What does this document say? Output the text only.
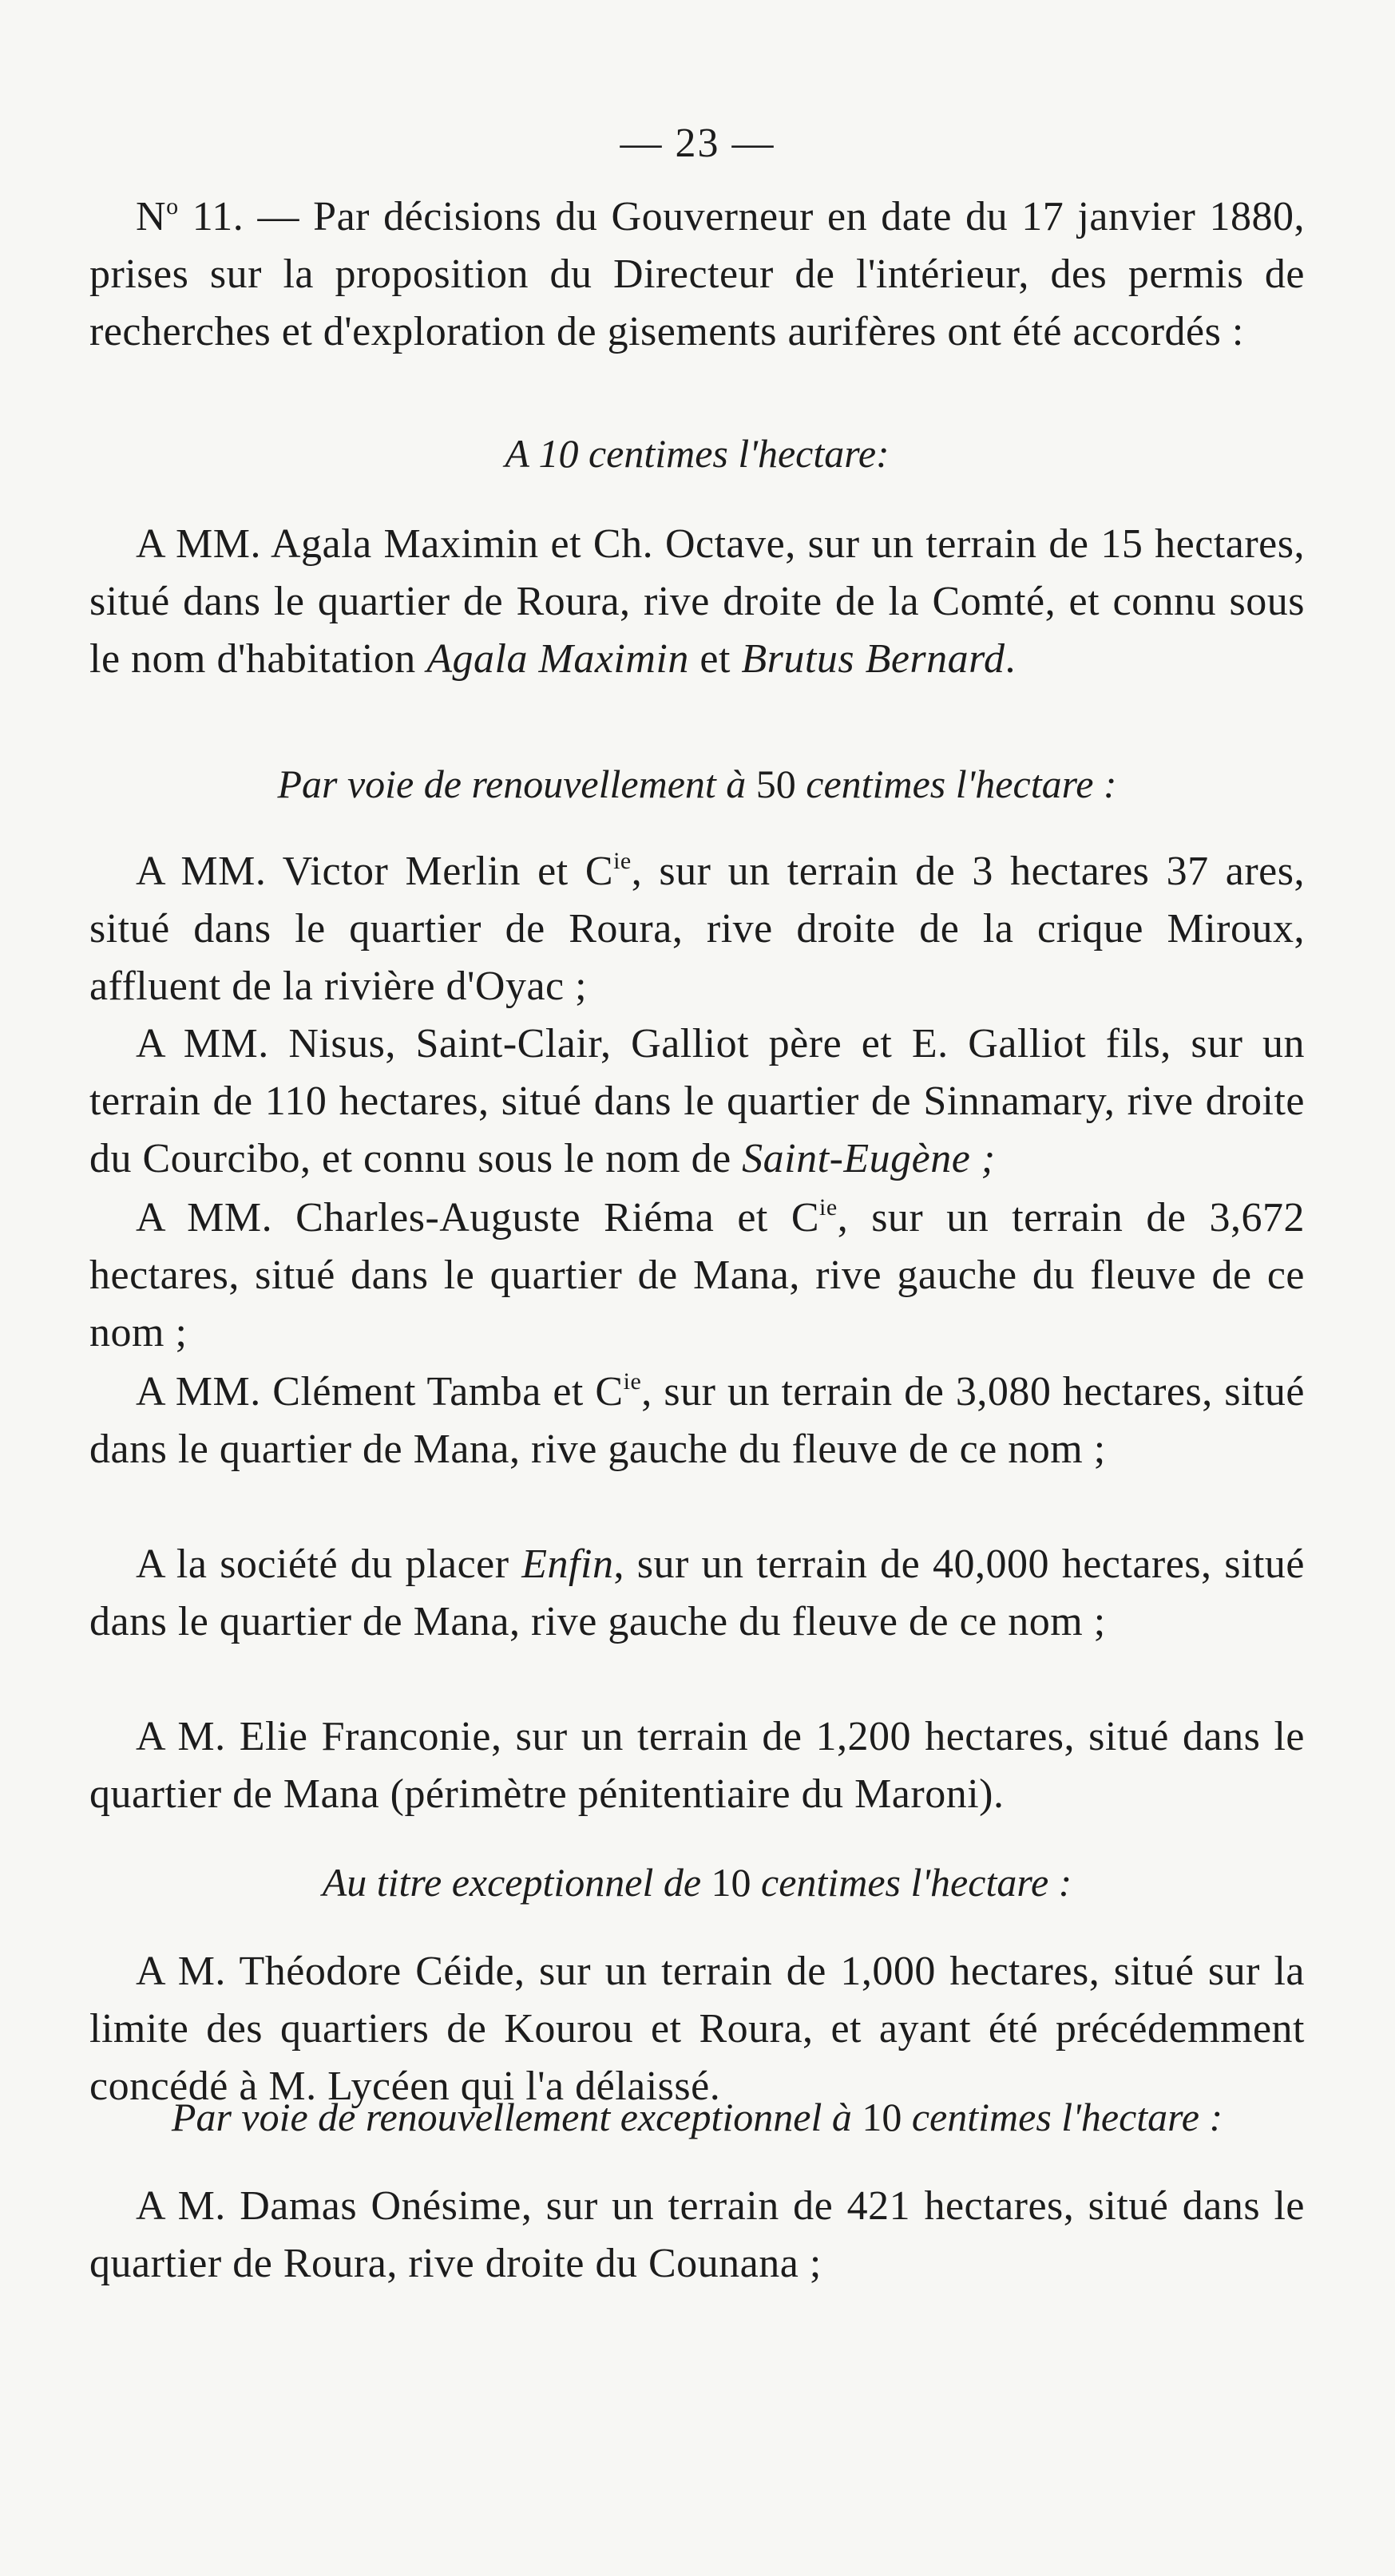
— 23 —
$N^o$ 11. — Par décisions du Gouverneur en date du 17 janvier 1880, prises sur la proposition du Directeur de l'intérieur, des permis de recherches et d'exploration de gisements aurifères ont été accordés :
A 10 centimes l'hectare:
A MM. Agala Maximin et Ch. Octave, sur un terrain de 15 hectares, situé dans le quartier de Roura, rive droite de la Comté, et connu sous le nom d'habitation Agala Maximin et Brutus Bernard.
Par voie de renouvellement à 50 centimes l'hectare :
A MM. Victor Merlin et $C^{ie}$, sur un terrain de 3 hectares 37 ares, situé dans le quartier de Roura, rive droite de la crique Miroux, affluent de la rivière d'Oyac ;
A MM. Nisus, Saint-Clair, Galliot père et E. Galliot fils, sur un terrain de 110 hectares, situé dans le quartier de Sinnamary, rive droite du Courcibo, et connu sous le nom de Saint-Eugène ;
A MM. Charles-Auguste Riéma et $C^{ie}$, sur un terrain de 3,672 hectares, situé dans le quartier de Mana, rive gauche du fleuve de ce nom ;
A MM. Clément Tamba et $C^{ie}$, sur un terrain de 3,080 hectares, situé dans le quartier de Mana, rive gauche du fleuve de ce nom ;
A la société du placer Enfin, sur un terrain de 40,000 hectares, situé dans le quartier de Mana, rive gauche du fleuve de ce nom ;
A M. Elie Franconie, sur un terrain de 1,200 hectares, situé dans le quartier de Mana (périmètre pénitentiaire du Maroni).
Au titre exceptionnel de 10 centimes l'hectare :
A M. Théodore Céide, sur un terrain de 1,000 hectares, situé sur la limite des quartiers de Kourou et Roura, et ayant été précédemment concédé à M. Lycéen qui l'a délaissé.
Par voie de renouvellement exceptionnel à 10 centimes l'hectare :
A M. Damas Onésime, sur un terrain de 421 hectares, situé dans le quartier de Roura, rive droite du Counana ;
